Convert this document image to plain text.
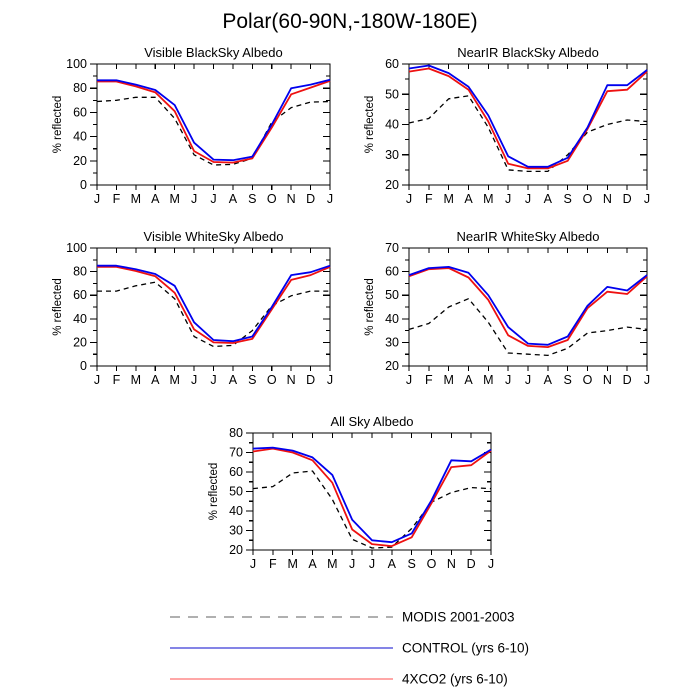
Polar(60-90N,-180W-180E)
Visible BlackSky Albedo
% reflected
0
20
40
60
80
100
J F M A M J J A S O N D J
NearIR BlackSky Albedo
% reflected
20
30
40
50
60
J F M A M J J A S O N D J
Visible WhiteSky Albedo
% reflected
0
20
40
60
80
100
J F M A M J J A S O N D J
NearIR WhiteSky Albedo
% reflected
20
30
40
50
60
70
J F M A M J J A S O N D J
All Sky Albedo
% reflected
20
30
40
50
60
70
80
J F M A M J J A S O N D J
MODIS 2001-2003
CONTROL (yrs 6-10)
4XCO2 (yrs 6-10)
